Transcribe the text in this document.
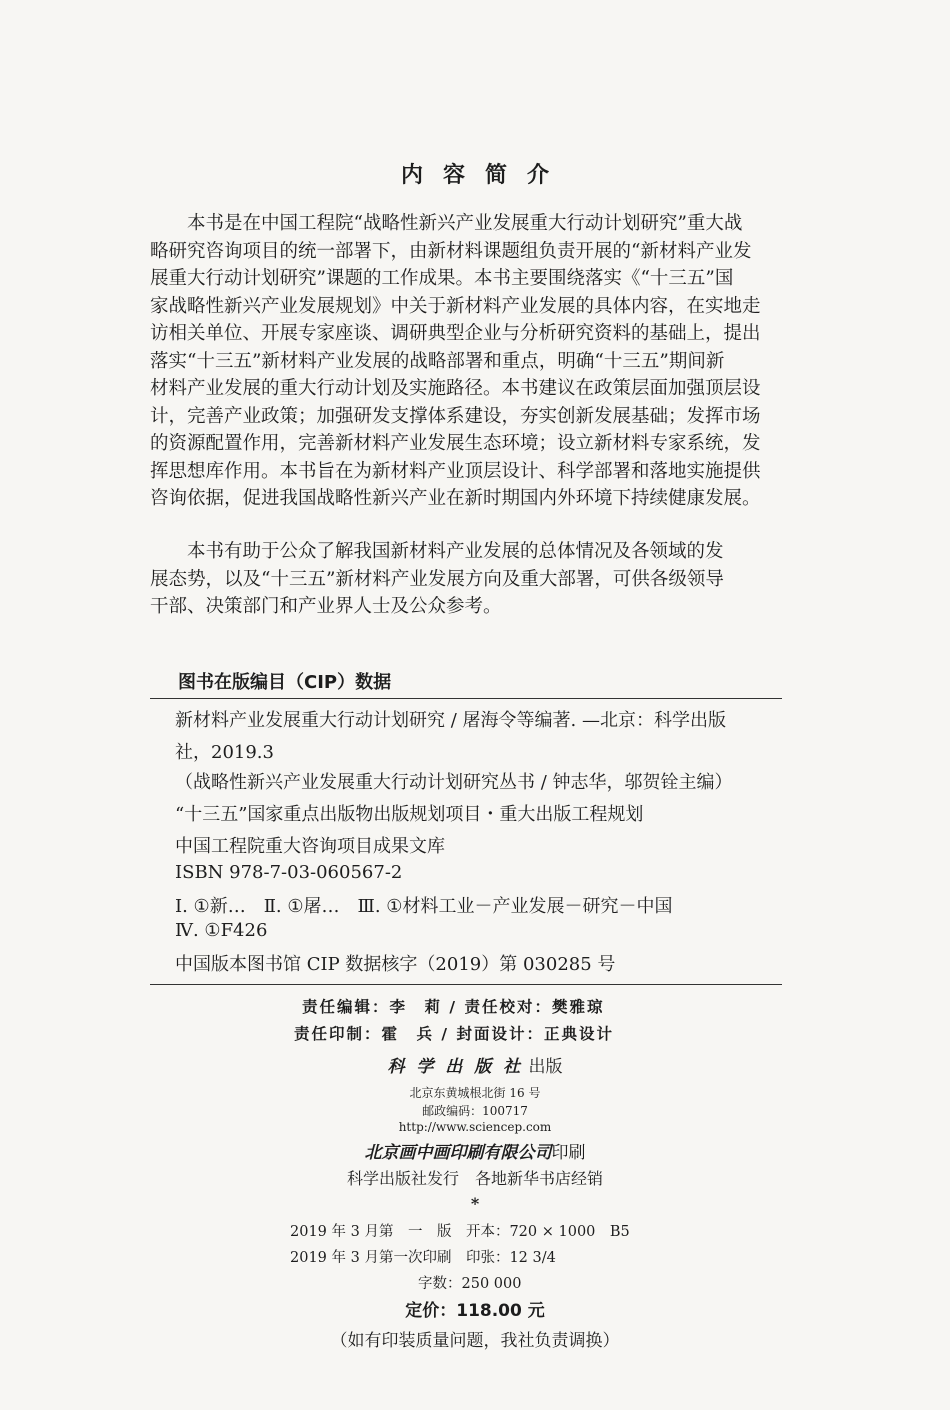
内容简介

本书是在中国工程院“战略性新兴产业发展重大行动计划研究”重大战

略研究咨询项目的统一部署下，由新材料课题组负责开展的“新材料产业发

展重大行动计划研究”课题的工作成果。本书主要围绕落实《“十三五”国

家战略性新兴产业发展规划》中关于新材料产业发展的具体内容，在实地走

访相关单位、开展专家座谈、调研典型企业与分析研究资料的基础上，提出

落实“十三五”新材料产业发展的战略部署和重点，明确“十三五”期间新

材料产业发展的重大行动计划及实施路径。本书建议在政策层面加强顶层设

计，完善产业政策；加强研发支撑体系建设，夯实创新发展基础；发挥市场

的资源配置作用，完善新材料产业发展生态环境；设立新材料专家系统，发

挥思想库作用。本书旨在为新材料产业顶层设计、科学部署和落地实施提供

咨询依据，促进我国战略性新兴产业在新时期国内外环境下持续健康发展。

本书有助于公众了解我国新材料产业发展的总体情况及各领域的发

展态势，以及“十三五”新材料产业发展方向及重大部署，可供各级领导

干部、决策部门和产业界人士及公众参考。

图书在版编目（CIP）数据
新材料产业发展重大行动计划研究 / 屠海令等编著. —北京：科学出版
社，2019.3
（战略性新兴产业发展重大行动计划研究丛书 / 钟志华，邬贺铨主编）
“十三五”国家重点出版物出版规划项目・重大出版工程规划
中国工程院重大咨询项目成果文库
ISBN 978-7-03-060567-2
Ⅰ. ①新…　Ⅱ. ①屠…　Ⅲ. ①材料工业－产业发展－研究－中国
Ⅳ. ①F426
中国版本图书馆 CIP 数据核字（2019）第 030285 号
责任编辑：李　莉 / 责任校对：樊雅琼
责任印制：霍　兵 / 封面设计：正典设计
科 学 出 版 社 出版
北京东黄城根北街 16 号
邮政编码：100717
http://www.sciencep.com
北京画中画印刷有限公司印刷
科学出版社发行　各地新华书店经销
*
2019 年 3 月第　一　版　开本：720 × 1000　B5
2019 年 3 月第一次印刷　印张：12 3/4
字数：250 000
定价：118.00 元
（如有印装质量问题，我社负责调换）
